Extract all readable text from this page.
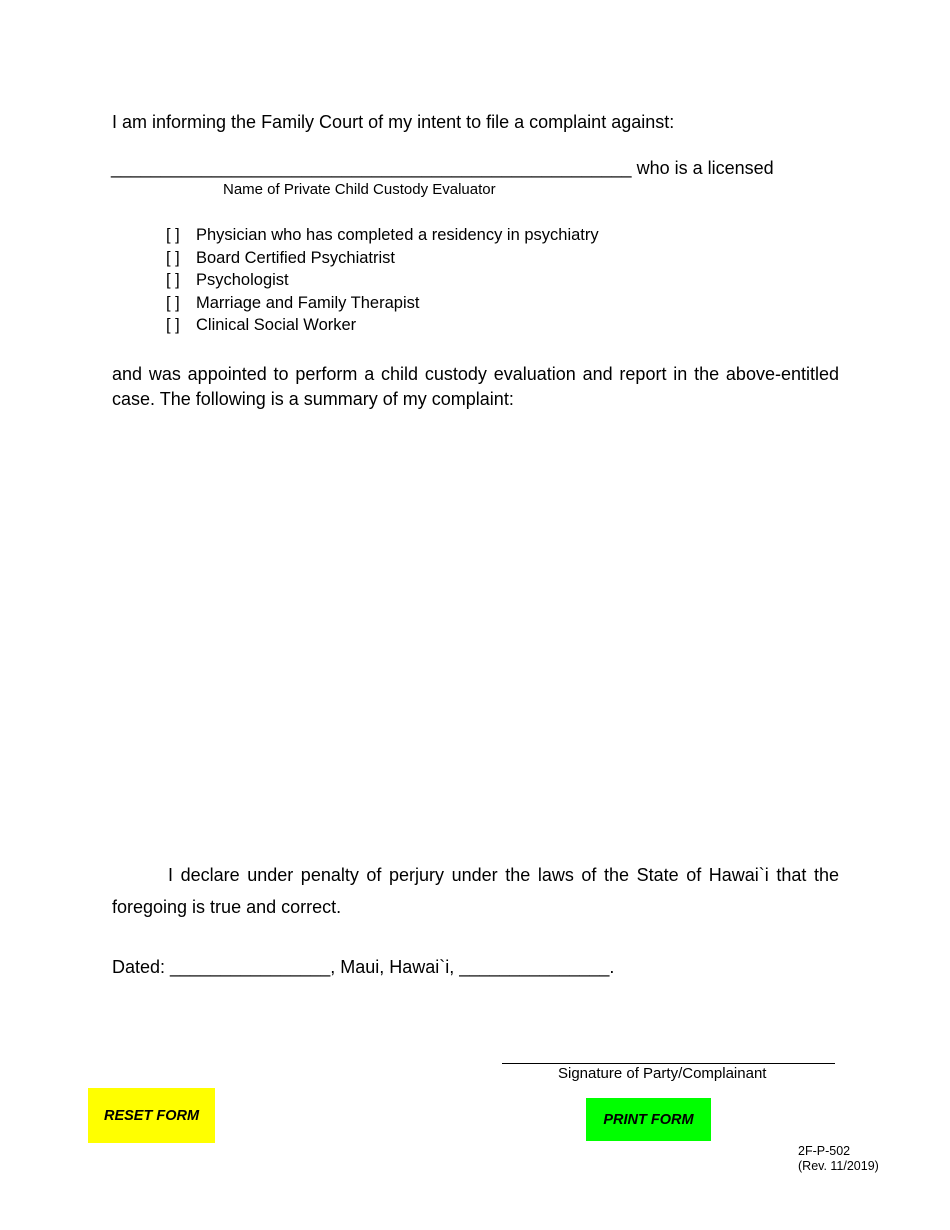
I am informing the Family Court of my intent to file a complaint against:
____________________________________________________ who is a licensed
Name of Private Child Custody Evaluator
[ ] Physician who has completed a residency in psychiatry
[ ] Board Certified Psychiatrist
[ ] Psychologist
[ ] Marriage and Family Therapist
[ ] Clinical Social Worker
and was appointed to perform a child custody evaluation and report in the above-entitled case. The following is a summary of my complaint:
I declare under penalty of perjury under the laws of the State of Hawai`i that the foregoing is true and correct.
Dated: ________________, Maui, Hawai`i, _______________.
Signature of Party/Complainant
RESET FORM	PRINT FORM
2F-P-502
(Rev. 11/2019)
